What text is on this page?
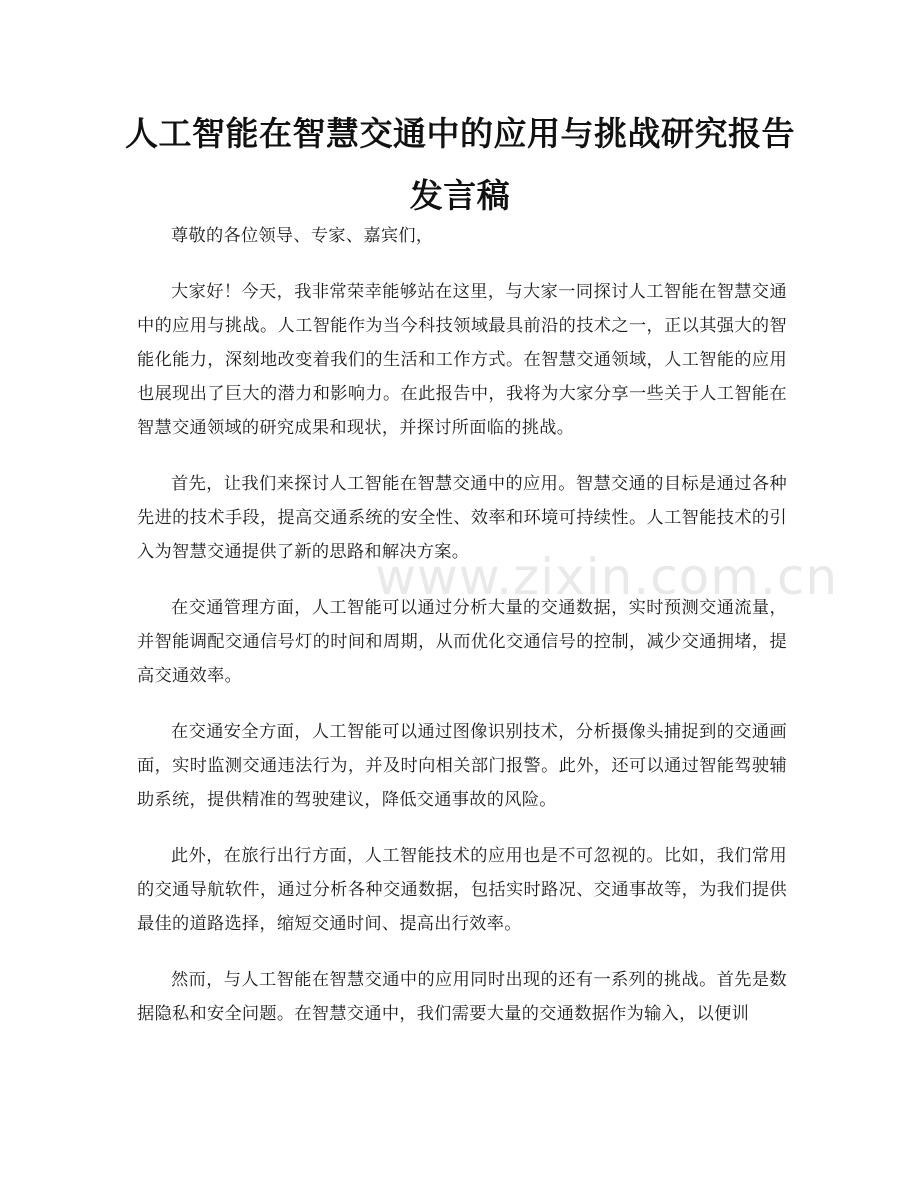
人工智能在智慧交通中的应用与挑战研究报告发言稿

尊敬的各位领导、专家、嘉宾们，

大家好！今天，我非常荣幸能够站在这里，与大家一同探讨人工智能在智慧交通中的应用与挑战。人工智能作为当今科技领域最具前沿的技术之一，正以其强大的智能化能力，深刻地改变着我们的生活和工作方式。在智慧交通领域，人工智能的应用也展现出了巨大的潜力和影响力。在此报告中，我将为大家分享一些关于人工智能在智慧交通领域的研究成果和现状，并探讨所面临的挑战。

首先，让我们来探讨人工智能在智慧交通中的应用。智慧交通的目标是通过各种先进的技术手段，提高交通系统的安全性、效率和环境可持续性。人工智能技术的引入为智慧交通提供了新的思路和解决方案。

在交通管理方面，人工智能可以通过分析大量的交通数据，实时预测交通流量，并智能调配交通信号灯的时间和周期，从而优化交通信号的控制，减少交通拥堵，提高交通效率。

在交通安全方面，人工智能可以通过图像识别技术，分析摄像头捕捉到的交通画面，实时监测交通违法行为，并及时向相关部门报警。此外，还可以通过智能驾驶辅助系统，提供精准的驾驶建议，降低交通事故的风险。

此外，在旅行出行方面，人工智能技术的应用也是不可忽视的。比如，我们常用的交通导航软件，通过分析各种交通数据，包括实时路况、交通事故等，为我们提供最佳的道路选择，缩短交通时间、提高出行效率。

然而，与人工智能在智慧交通中的应用同时出现的还有一系列的挑战。首先是数据隐私和安全问题。在智慧交通中，我们需要大量的交通数据作为输入，以便训

www.zixin.com.cn
